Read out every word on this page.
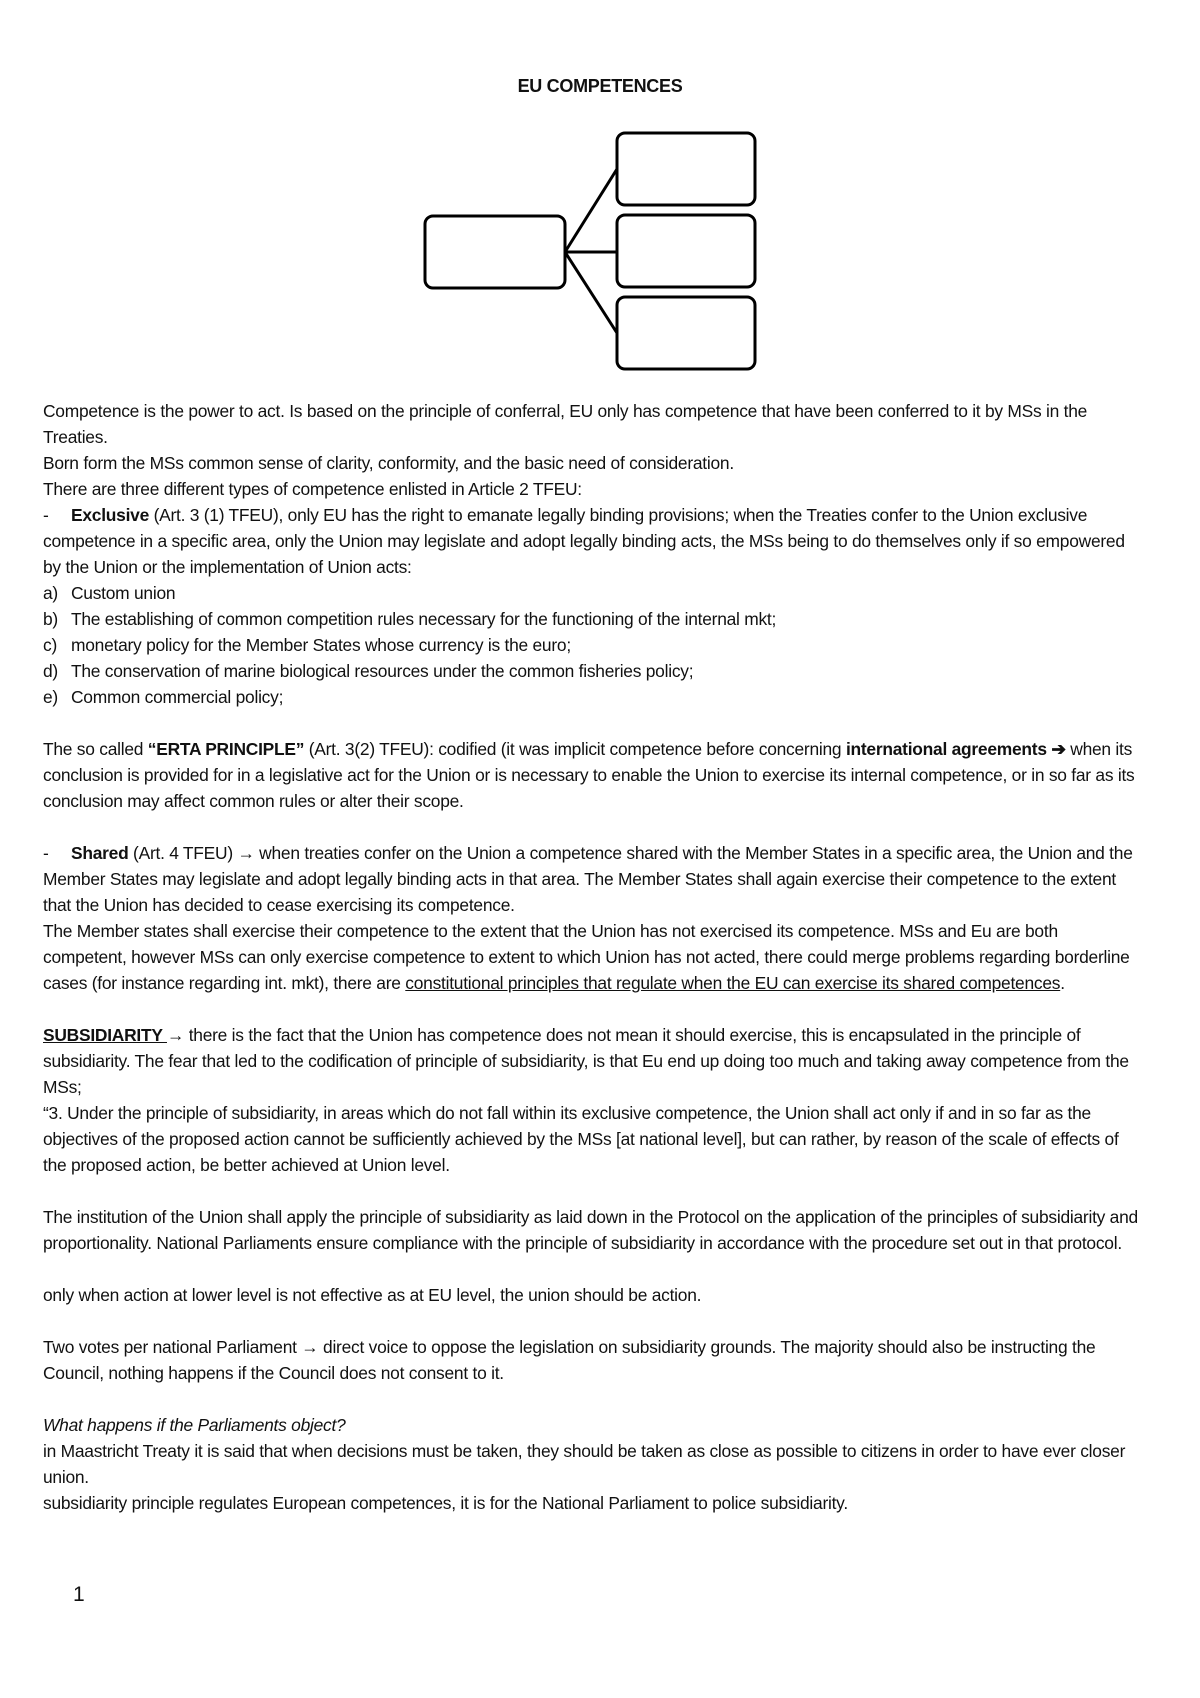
EU COMPETENCES

Competence is the power to act. Is based on the principle of conferral, EU only has competence that have been conferred to it by MSs in the Treaties.

Born form the MSs common sense of clarity, conformity, and the basic need of consideration.

There are three different types of competence enlisted in Article 2 TFEU:

- Exclusive (Art. 3 (1) TFEU), only EU has the right to emanate legally binding provisions; when the Treaties confer to the Union exclusive competence in a specific area, only the Union may legislate and adopt legally binding acts, the MSs being to do themselves only if so empowered by the Union or the implementation of Union acts:

a) Custom union
b) The establishing of common competition rules necessary for the functioning of the internal mkt;
c) monetary policy for the Member States whose currency is the euro;
d) The conservation of marine biological resources under the common fisheries policy;
e) Common commercial policy;

The so called “ERTA PRINCIPLE” (Art. 3(2) TFEU): codified (it was implicit competence before concerning international agreements ➔ when its conclusion is provided for in a legislative act for the Union or is necessary to enable the Union to exercise its internal competence, or in so far as its conclusion may affect common rules or alter their scope.

- Shared (Art. 4 TFEU) → when treaties confer on the Union a competence shared with the Member States in a specific area, the Union and the Member States may legislate and adopt legally binding acts in that area. The Member States shall again exercise their competence to the extent that the Union has decided to cease exercising its competence.

The Member states shall exercise their competence to the extent that the Union has not exercised its competence. MSs and Eu are both competent, however MSs can only exercise competence to extent to which Union has not acted, there could merge problems regarding borderline cases (for instance regarding int. mkt), there are constitutional principles that regulate when the EU can exercise its shared competences.

SUBSIDIARITY → there is the fact that the Union has competence does not mean it should exercise, this is encapsulated in the principle of subsidiarity. The fear that led to the codification of principle of subsidiarity, is that Eu end up doing too much and taking away competence from the MSs;

“3. Under the principle of subsidiarity, in areas which do not fall within its exclusive competence, the Union shall act only if and in so far as the objectives of the proposed action cannot be sufficiently achieved by the MSs [at national level], but can rather, by reason of the scale of effects of the proposed action, be better achieved at Union level.

The institution of the Union shall apply the principle of subsidiarity as laid down in the Protocol on the application of the principles of subsidiarity and proportionality. National Parliaments ensure compliance with the principle of subsidiarity in accordance with the procedure set out in that protocol.

only when action at lower level is not effective as at EU level, the union should be action.

Two votes per national Parliament → direct voice to oppose the legislation on subsidiarity grounds. The majority should also be instructing the Council, nothing happens if the Council does not consent to it.

What happens if the Parliaments object?

in Maastricht Treaty it is said that when decisions must be taken, they should be taken as close as possible to citizens in order to have ever closer union.

subsidiarity principle regulates European competences, it is for the National Parliament to police subsidiarity.

1
